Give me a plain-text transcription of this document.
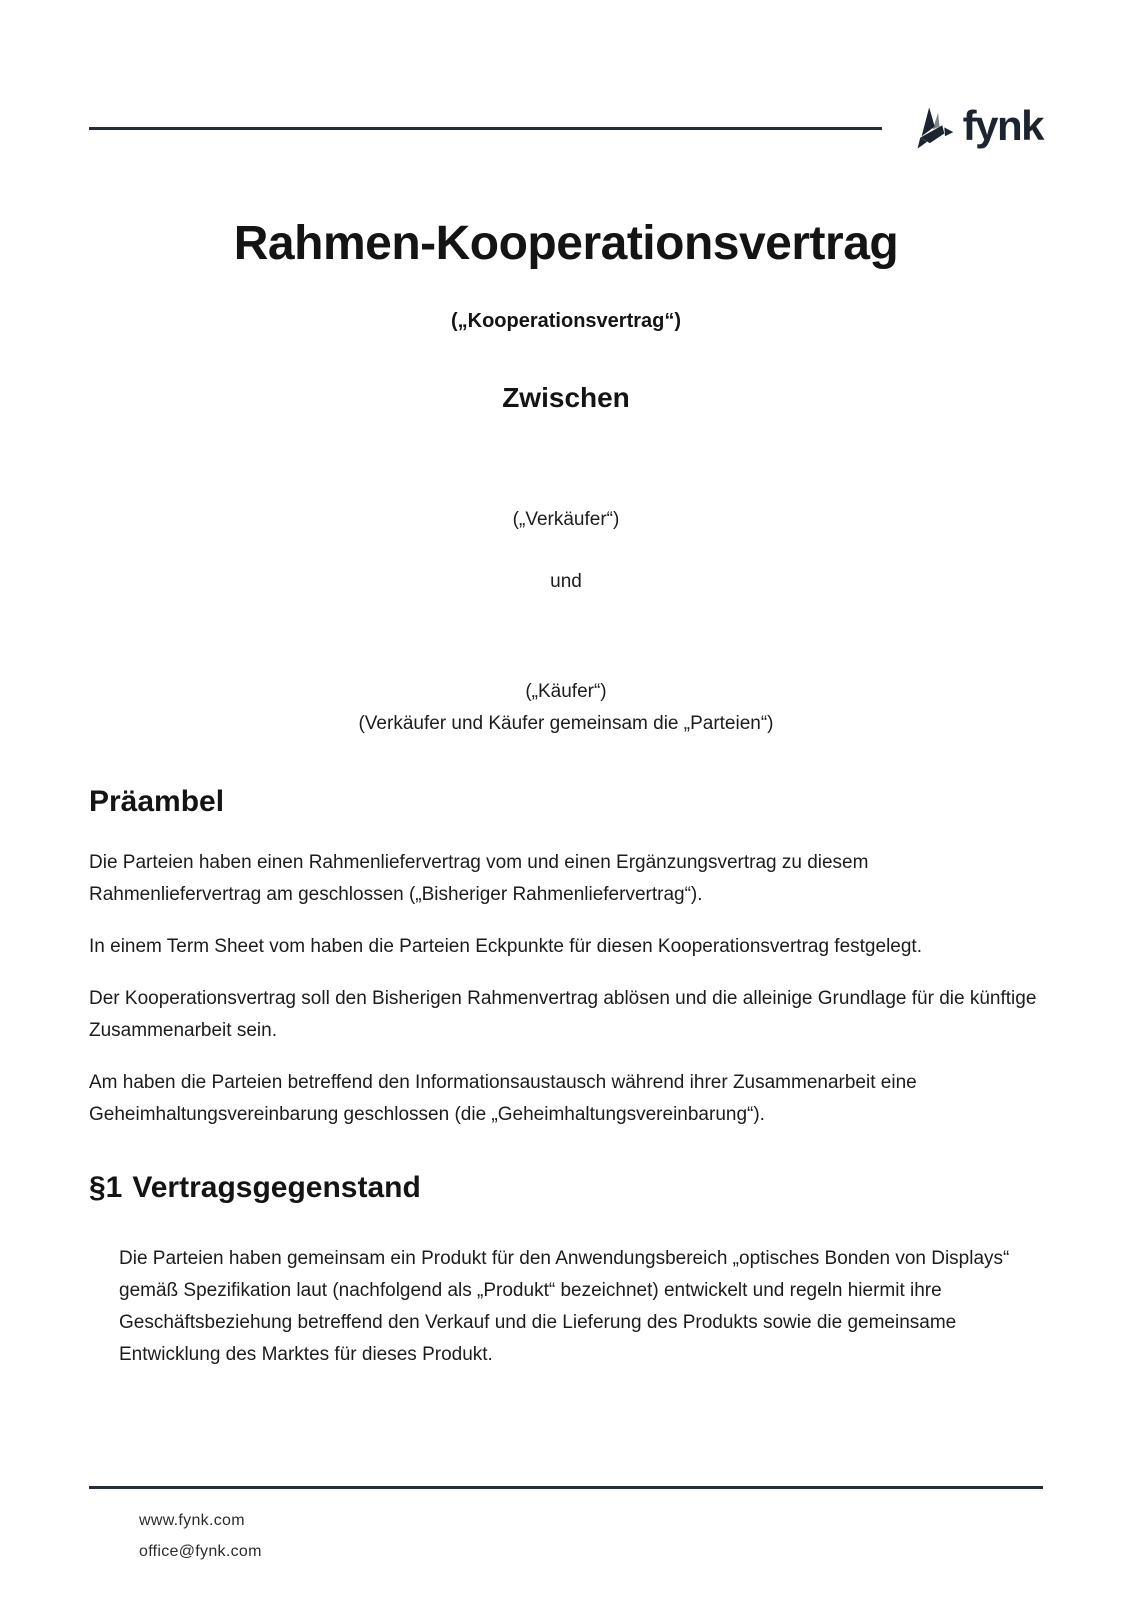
fynk
Rahmen-Kooperationsvertrag

(„Kooperationsvertrag“)

Zwischen

(„Verkäufer“)

und

(„Käufer“)

(Verkäufer und Käufer gemeinsam die „Parteien“)

Präambel

Die Parteien haben einen Rahmenliefervertrag vom und einen Ergänzungsvertrag zu diesem Rahmenliefervertrag am geschlossen („Bisheriger Rahmenliefervertrag“).

In einem Term Sheet vom haben die Parteien Eckpunkte für diesen Kooperationsvertrag festgelegt.

Der Kooperationsvertrag soll den Bisherigen Rahmenvertrag ablösen und die alleinige Grundlage für die künftige Zusammenarbeit sein.

Am haben die Parteien betreffend den Informationsaustausch während ihrer Zusammenarbeit eine Geheimhaltungsvereinbarung geschlossen (die „Geheimhaltungsvereinbarung“).

§1 Vertragsgegenstand

Die Parteien haben gemeinsam ein Produkt für den Anwendungsbereich „optisches Bonden von Displays“ gemäß Spezifikation laut (nachfolgend als „Produkt“ bezeichnet) entwickelt und regeln hiermit ihre Geschäftsbeziehung betreffend den Verkauf und die Lieferung des Produkts sowie die gemeinsame Entwicklung des Marktes für dieses Produkt.

www.fynk.com
office@fynk.com
